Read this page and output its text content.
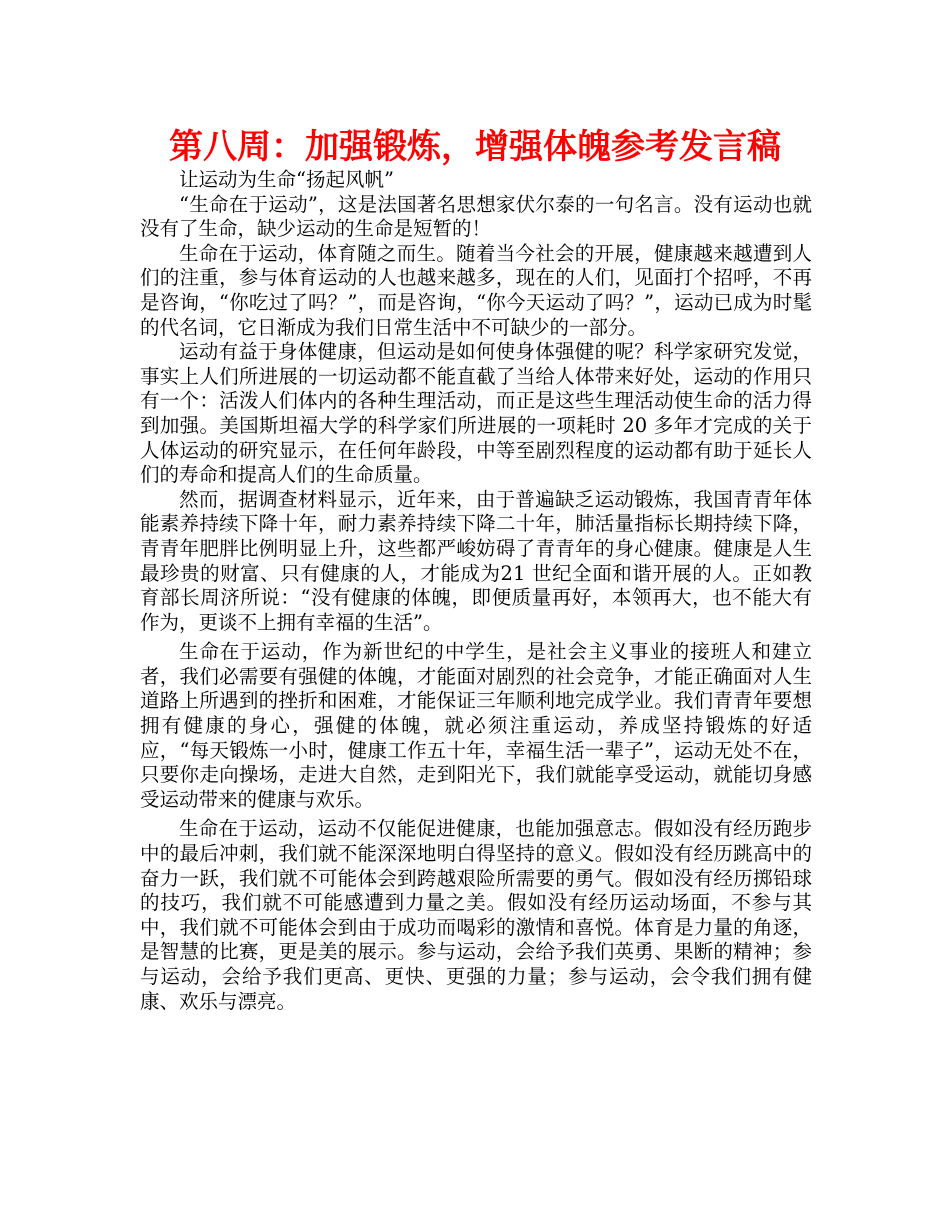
第八周：加强锻炼，增强体魄参考发言稿

让运动为生命“扬起风帆”

“生命在于运动”，这是法国著名思想家伏尔泰的一句名言。没有运动也就没有了生命，缺少运动的生命是短暂的！

生命在于运动，体育随之而生。随着当今社会的开展，健康越来越遭到人们的注重，参与体育运动的人也越来越多，现在的人们，见面打个招呼，不再是咨询，“你吃过了吗？”，而是咨询，“你今天运动了吗？”，运动已成为时髦的代名词，它日渐成为我们日常生活中不可缺少的一部分。

运动有益于身体健康，但运动是如何使身体强健的呢？科学家研究发觉，事实上人们所进展的一切运动都不能直截了当给人体带来好处，运动的作用只有一个：活泼人们体内的各种生理活动，而正是这些生理活动使生命的活力得到加强。美国斯坦福大学的科学家们所进展的一项耗时 20 多年才完成的关于人体运动的研究显示，在任何年龄段，中等至剧烈程度的运动都有助于延长人们的寿命和提高人们的生命质量。

然而，据调查材料显示，近年来，由于普遍缺乏运动锻炼，我国青青年体能素养持续下降十年，耐力素养持续下降二十年，肺活量指标长期持续下降，青青年肥胖比例明显上升，这些都严峻妨碍了青青年的身心健康。健康是人生最珍贵的财富、只有健康的人，才能成为21 世纪全面和谐开展的人。正如教育部长周济所说：“没有健康的体魄，即便质量再好，本领再大，也不能大有作为，更谈不上拥有幸福的生活”。

生命在于运动，作为新世纪的中学生，是社会主义事业的接班人和建立者，我们必需要有强健的体魄，才能面对剧烈的社会竞争，才能正确面对人生道路上所遇到的挫折和困难，才能保证三年顺利地完成学业。我们青青年要想拥有健康的身心，强健的体魄，就必须注重运动，养成坚持锻炼的好适应，“每天锻炼一小时，健康工作五十年，幸福生活一辈子”，运动无处不在，只要你走向操场，走进大自然，走到阳光下，我们就能享受运动，就能切身感受运动带来的健康与欢乐。

生命在于运动，运动不仅能促进健康，也能加强意志。假如没有经历跑步中的最后冲刺，我们就不能深深地明白得坚持的意义。假如没有经历跳高中的奋力一跃，我们就不可能体会到跨越艰险所需要的勇气。假如没有经历掷铅球的技巧，我们就不可能感遭到力量之美。假如没有经历运动场面，不参与其中，我们就不可能体会到由于成功而喝彩的激情和喜悦。体育是力量的角逐，是智慧的比赛，更是美的展示。参与运动，会给予我们英勇、果断的精神；参与运动，会给予我们更高、更快、更强的力量；参与运动，会令我们拥有健康、欢乐与漂亮。
